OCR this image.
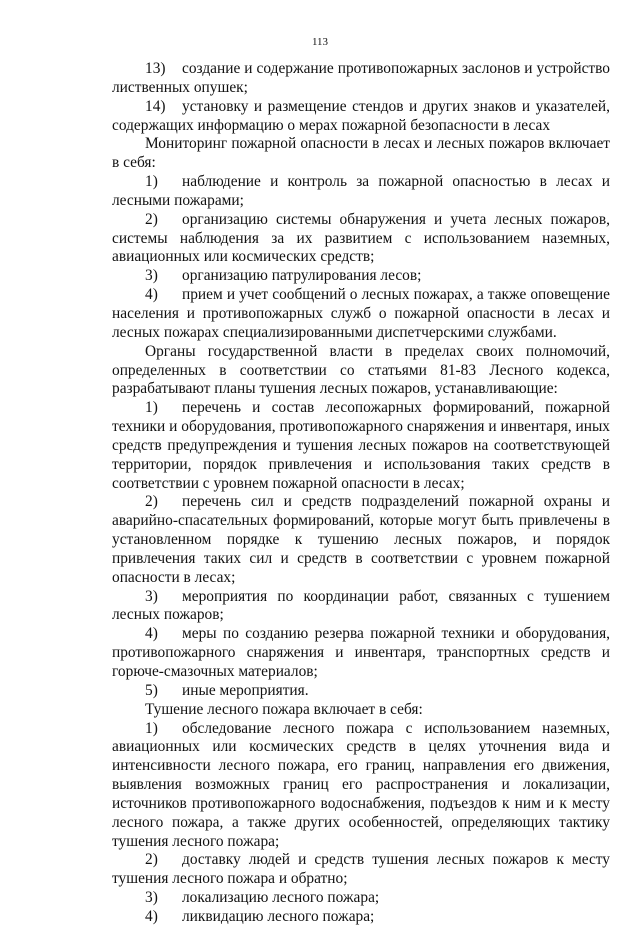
113

13) создание и содержание противопожарных заслонов и устройство лиственных опушек;

14) установку и размещение стендов и других знаков и указателей, содержащих информацию о мерах пожарной безопасности в лесах

Мониторинг пожарной опасности в лесах и лесных пожаров включает в себя:

1) наблюдение и контроль за пожарной опасностью в лесах и лесными пожарами;

2) организацию системы обнаружения и учета лесных пожаров, системы наблюдения за их развитием с использованием наземных, авиационных или космических средств;

3) организацию патрулирования лесов;

4) прием и учет сообщений о лесных пожарах, а также оповещение населения и противопожарных служб о пожарной опасности в лесах и лесных пожарах специализированными диспетчерскими службами.

Органы государственной власти в пределах своих полномочий, определенных в соответствии со статьями 81-83 Лесного кодекса, разрабатывают планы тушения лесных пожаров, устанавливающие:

1) перечень и состав лесопожарных формирований, пожарной техники и оборудования, противопожарного снаряжения и инвентаря, иных средств предупреждения и тушения лесных пожаров на соответствующей территории, порядок привлечения и использования таких средств в соответствии с уровнем пожарной опасности в лесах;

2) перечень сил и средств подразделений пожарной охраны и аварийно-спасательных формирований, которые могут быть привлечены в установленном порядке к тушению лесных пожаров, и порядок привлечения таких сил и средств в соответствии с уровнем пожарной опасности в лесах;

3) мероприятия по координации работ, связанных с тушением лесных пожаров;

4) меры по созданию резерва пожарной техники и оборудования, противопожарного снаряжения и инвентаря, транспортных средств и горюче-смазочных материалов;

5) иные мероприятия.

Тушение лесного пожара включает в себя:

1) обследование лесного пожара с использованием наземных, авиационных или космических средств в целях уточнения вида и интенсивности лесного пожара, его границ, направления его движения, выявления возможных границ его распространения и локализации, источников противопожарного водоснабжения, подъездов к ним и к месту лесного пожара, а также других особенностей, определяющих тактику тушения лесного пожара;

2) доставку людей и средств тушения лесных пожаров к месту тушения лесного пожара и обратно;

3) локализацию лесного пожара;

4) ликвидацию лесного пожара;
